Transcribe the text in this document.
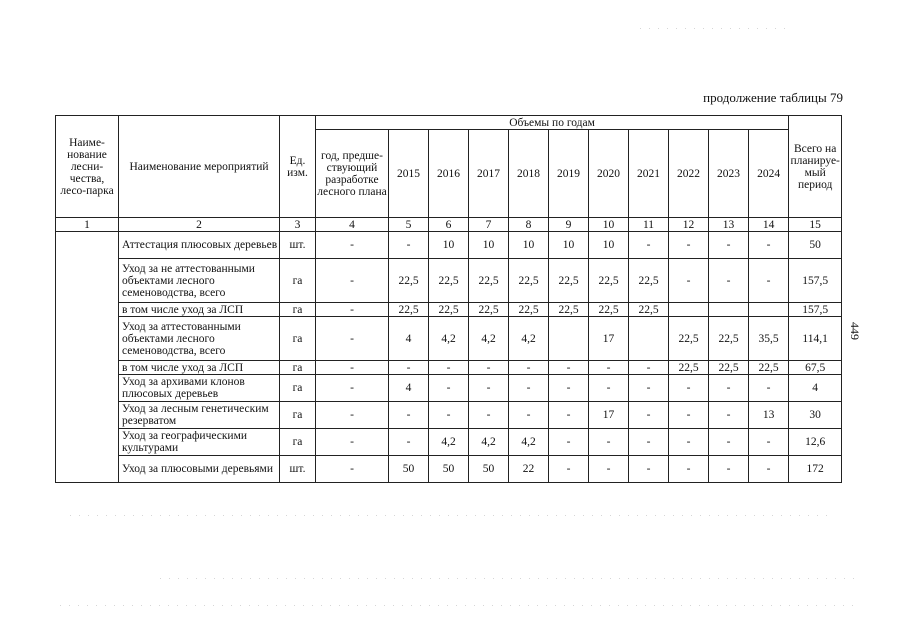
продолжение таблицы 79
449
Наиме-нование лесни-чества, лесо-парка	Наименование мероприятий	Ед. изм.	Объемы по годам											Всего на планируе-мый период
			год, предше-ствующий разработке лесного плана	2015	2016	2017	2018	2019	2020	2021	2022	2023	2024	
1	2	3	4	5	6	7	8	9	10	11	12	13	14	15
	Аттестация плюсовых деревьев	шт.	-	-	10	10	10	10	10	-	-	-	-	50
	Уход за не аттестованными объектами лесного семеноводства, всего	га	-	22,5	22,5	22,5	22,5	22,5	22,5	22,5	-	-	-	157,5
	в том числе уход за ЛСП	га	-	22,5	22,5	22,5	22,5	22,5	22,5	22,5				157,5
	Уход за аттестованными объектами лесного семеноводства, всего	га	-	4	4,2	4,2	4,2		17		22,5	22,5	35,5	114,1
	в том числе уход за ЛСП	га	-	-	-	-	-	-	-	-	22,5	22,5	22,5	67,5
	Уход за архивами клонов плюсовых деревьев	га	-	4	-	-	-	-	-	-	-	-	-	4
	Уход за лесным генетическим резерватом	га	-	-	-	-	-	-	17	-	-	-	13	30
	Уход за географическими культурами	га	-	-	4,2	4,2	4,2	-	-	-	-	-	-	12,6
	Уход за плюсовыми деревьями	шт.	-	50	50	50	22	-	-	-	-	-	-	172
